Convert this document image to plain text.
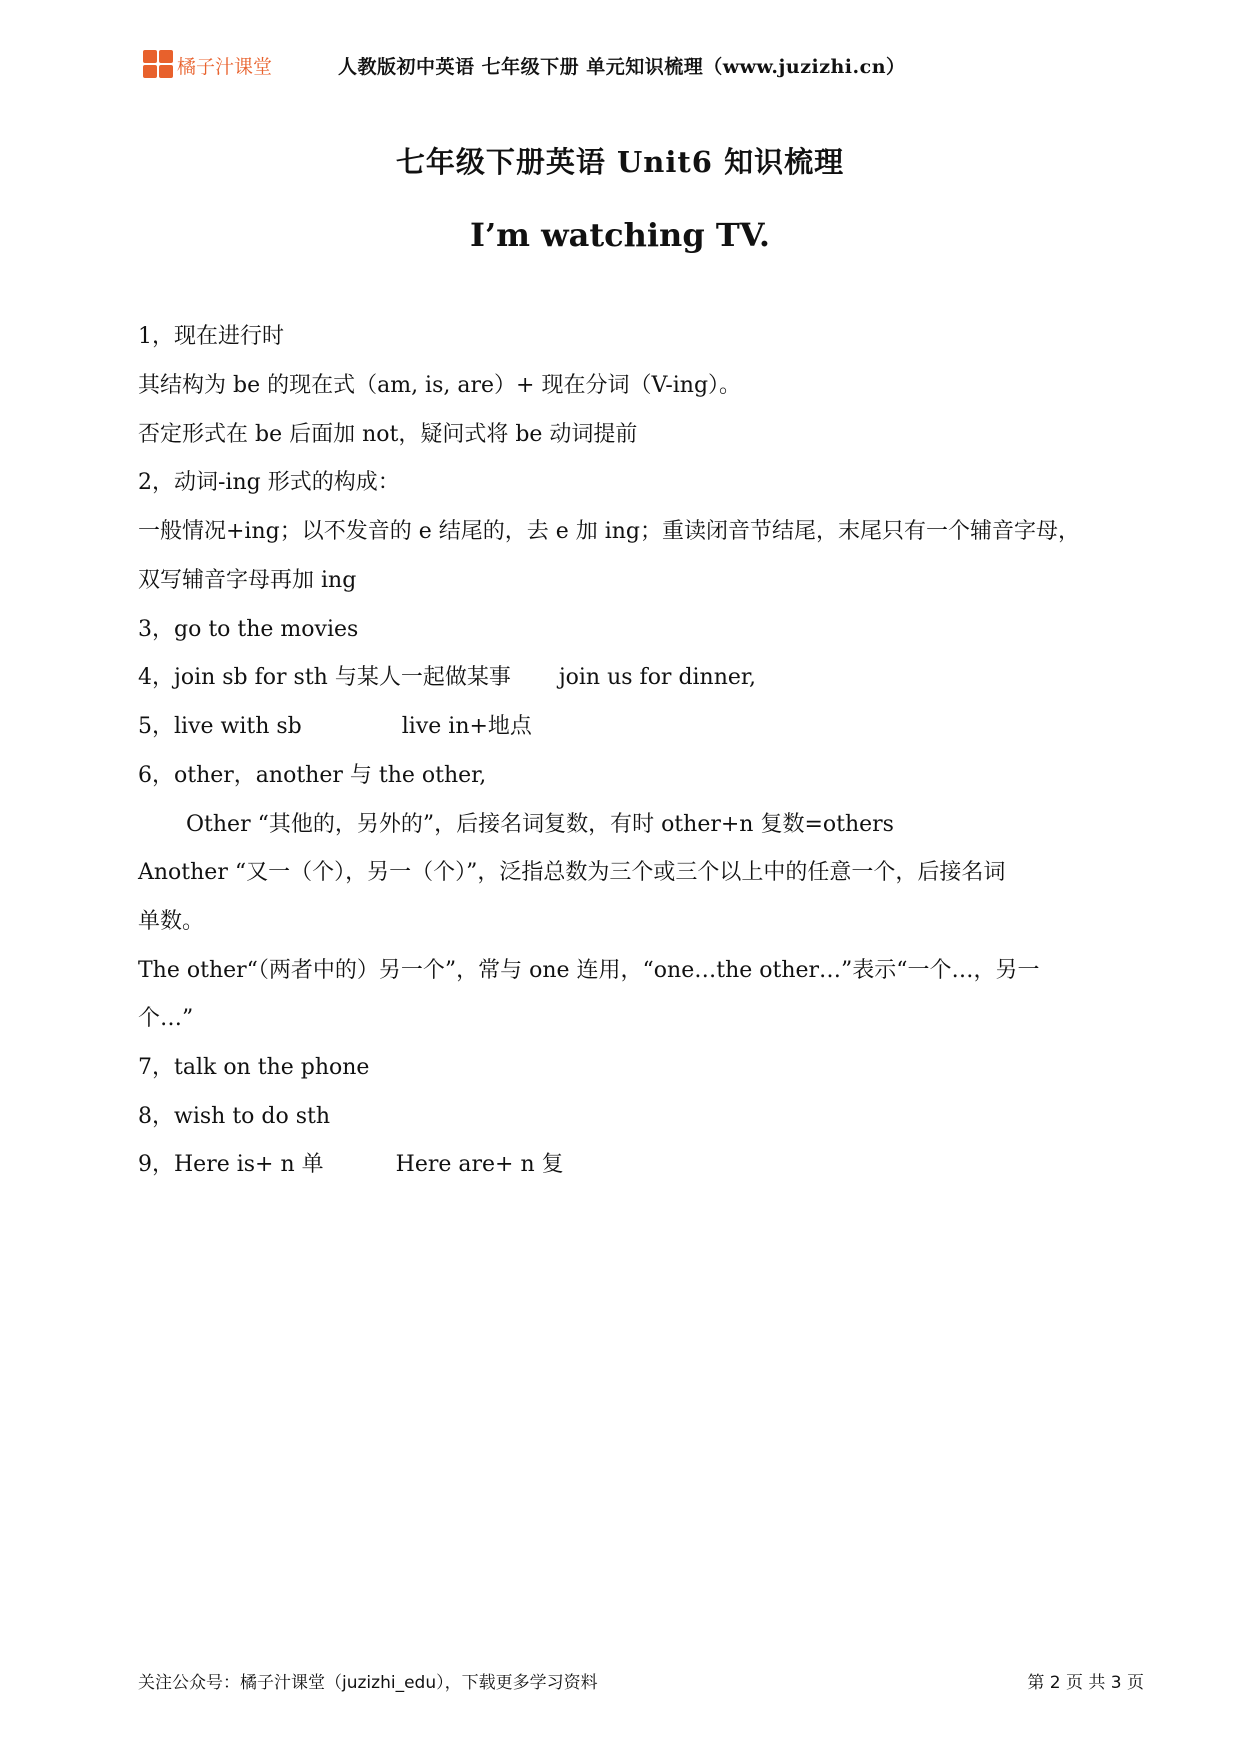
橘子汁课堂	人教版初中英语 七年级下册 单元知识梳理（www.juzizhi.cn）
七年级下册英语 Unit6 知识梳理
I’m watching TV.
1，现在进行时
其结构为 be 的现在式（am, is, are）+ 现在分词（V-ing）。
否定形式在 be 后面加 not，疑问式将 be 动词提前
2，动词-ing 形式的构成：
一般情况+ing；以不发音的 e 结尾的，去 e 加 ing；重读闭音节结尾，末尾只有一个辅音字母，
双写辅音字母再加 ing
3，go to the movies
4，join sb for sth 与某人一起做某事 join us for dinner,
5，live with sb	live in+地点
6，other，another 与 the other,
Other “其他的，另外的”，后接名词复数，有时 other+n 复数=others
Another “又一（个），另一（个）”，泛指总数为三个或三个以上中的任意一个，后接名词
单数。
The other“（两者中的）另一个”，常与 one 连用，“one…the other…”表示“一个…，另一
个…”
7，talk on the phone
8，wish to do sth
9，Here is+ n 单	Here are+ n 复
关注公众号：橘子汁课堂（juzizhi_edu），下载更多学习资料	第 2 页 共 3 页
